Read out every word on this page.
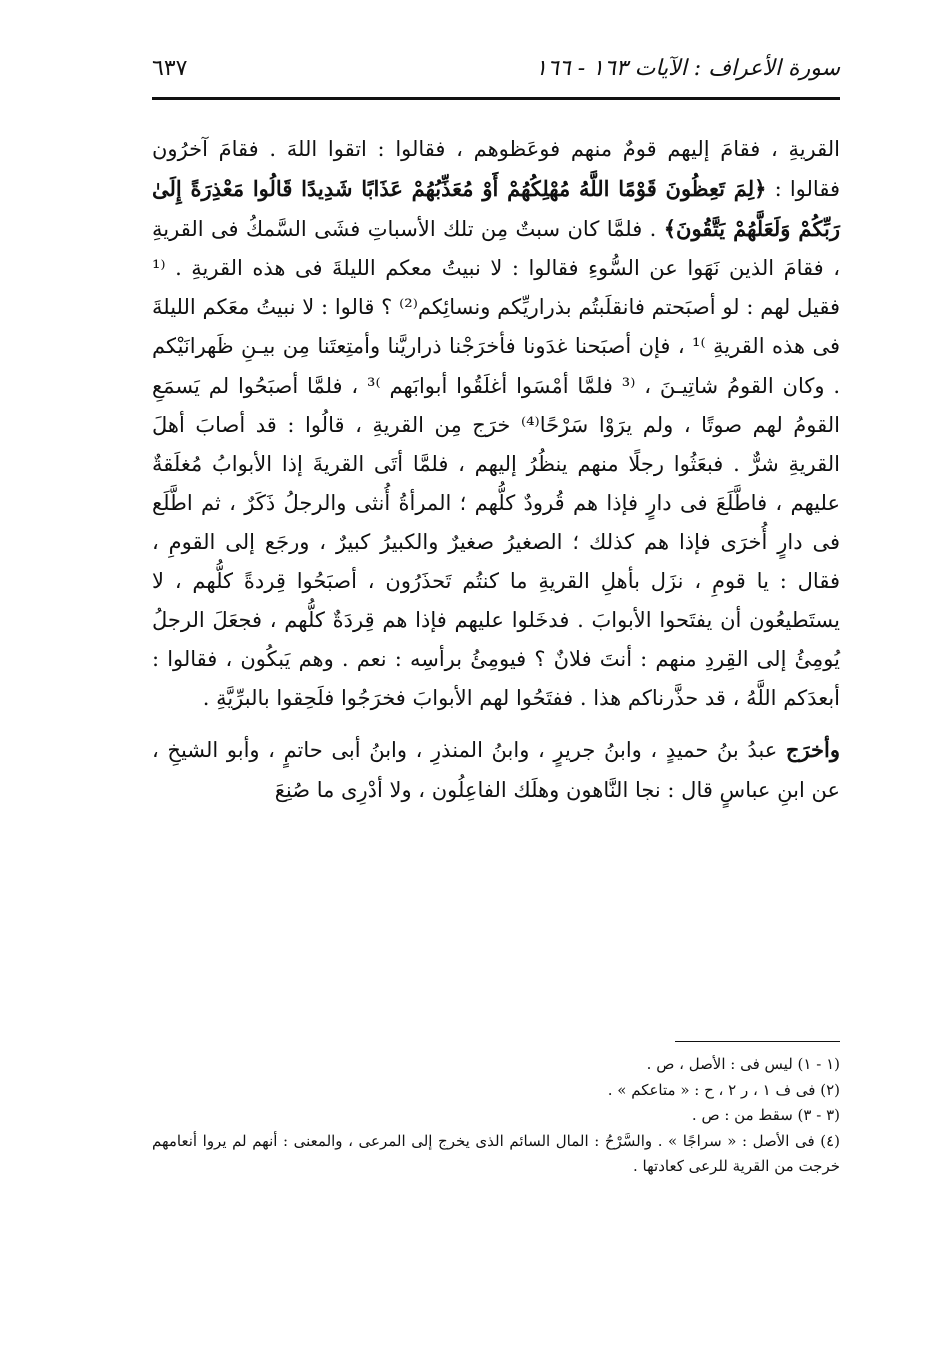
سورة الأعراف : الآيات ١٦٣ - ١٦٦
٦٣٧

القريةِ ، فقامَ إليهم قومٌ منهم فوعَظوهم ، فقالوا : اتقوا اللهَ . فقامَ آخرُون فقالوا : ﴿لِمَ تَعِظُونَ قَوْمًا اللَّهُ مُهْلِكُهُمْ أَوْ مُعَذِّبُهُمْ عَذَابًا شَدِيدًا قَالُوا مَعْذِرَةً إِلَىٰ رَبِّكُمْ وَلَعَلَّهُمْ يَتَّقُونَ﴾ . فلمَّا كان سبتٌ مِن تلك الأسباتِ فشَى السَّمكُ فى القريةِ ، فقامَ الذين نَهَوا عن السُّوءِ فقالوا : لا نبيتُ معكم الليلةَ فى هذه القريةِ . ⁽¹ فقيل لهم : لو أصبَحتم فانقلَبتُم بذراريِّكم ونسائِكم⁽²⁾ ؟ قالوا : لا نبيتُ معَكم الليلةَ فى هذه القريةِ ⁾¹ ، فإن أصبَحنا غدَونا فأخرَجْنا ذراريَّنا وأمتِعتَنا مِن بيـنِ ظَهرانَيْكم . وكان القومُ شاتِيـنَ ، ⁽³ فلمَّا أمْسَوا أغلَقُوا أبوابَهم ⁾³ ، فلمَّا أصبَحُوا لم يَسمَعِ القومُ لهم صوتًا ، ولم يرَوْا سَرْحًا⁽⁴⁾ خرَج مِن القريةِ ، قالُوا : قد أصابَ أهلَ القريةِ شرٌّ . فبعَثُوا رجلًا منهم ينظُرُ إليهم ، فلمَّا أتَى القريةَ إذا الأبوابُ مُغلَقةٌ عليهم ، فاطَّلَعَ فى دارٍ فإذا هم قُرودٌ كلُّهم ؛ المرأةُ أُنثى والرجلُ ذَكَرٌ ، ثم اطَّلَع فى دارٍ أُخرَى فإذا هم كذلك ؛ الصغيرُ صغيرٌ والكبيرُ كبيرٌ ، ورجَع إلى القومِ ، فقال : يا قومِ ، نزَل بأهلِ القريةِ ما كنتُم تَحذَرُون ، أصبَحُوا قِردةً كلُّهم ، لا يستَطيعُون أن يفتَحوا الأبوابَ . فدخَلوا عليهم فإذا هم قِردَةٌ كلُّهم ، فجعَلَ الرجلُ يُومِئُ إلى القِردِ منهم : أنتَ فلانٌ ؟ فيومِئُ برأسِه : نعم . وهم يَبكُون ، فقالوا : أبعدَكم اللَّهُ ، قد حذَّرناكم هذا . ففتَحُوا لهم الأبوابَ فخرَجُوا فلَحِقوا بالبرِّيَّةِ .

وأخرَج عبدُ بنُ حميدٍ ، وابنُ جريرٍ ، وابنُ المنذرِ ، وابنُ أبى حاتمٍ ، وأبو الشيخِ ، عن ابنِ عباسٍ قال : نجا النَّاهون وهلَك الفاعِلُون ، ولا أدْرِى ما صُنِعَ

(١ - ١) ليس فى : الأصل ، ص .

(٢) فى ف ١ ، ر ٢ ، ح : « متاعكم » .

(٣ - ٣) سقط من : ص .

(٤) فى الأصل : « سراجًا » . والسَّرْحُ : المال السائم الذى يخرج إلى المرعى ، والمعنى : أنهم لم يروا أنعامهم خرجت من القرية للرعى كعادتها .
